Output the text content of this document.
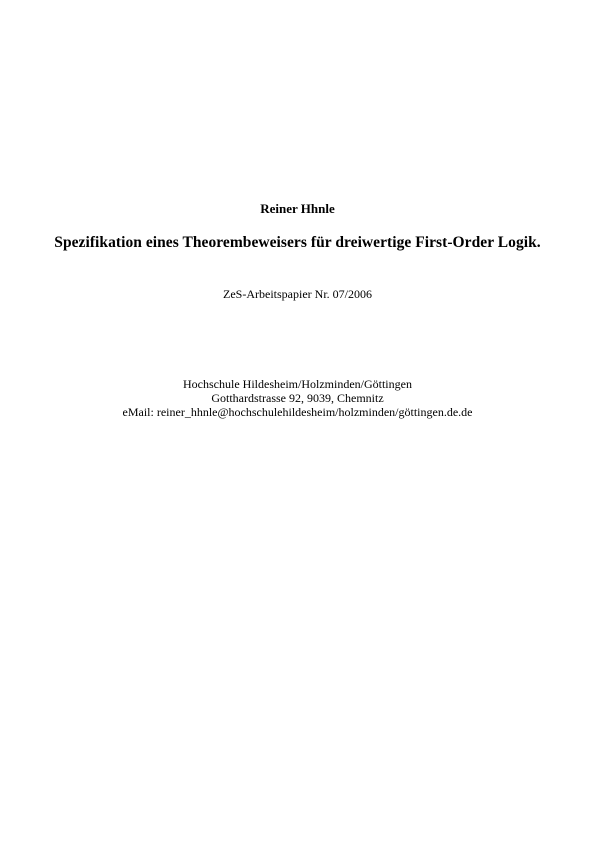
Reiner Hhnle
Spezifikation eines Theorembeweisers für dreiwertige First-Order Logik.
ZeS-Arbeitspapier Nr. 07/2006
Hochschule Hildesheim/Holzminden/Göttingen
Gotthardstrasse 92, 9039, Chemnitz
eMail: reiner_hhnle@hochschulehildesheim/holzminden/göttingen.de.de
